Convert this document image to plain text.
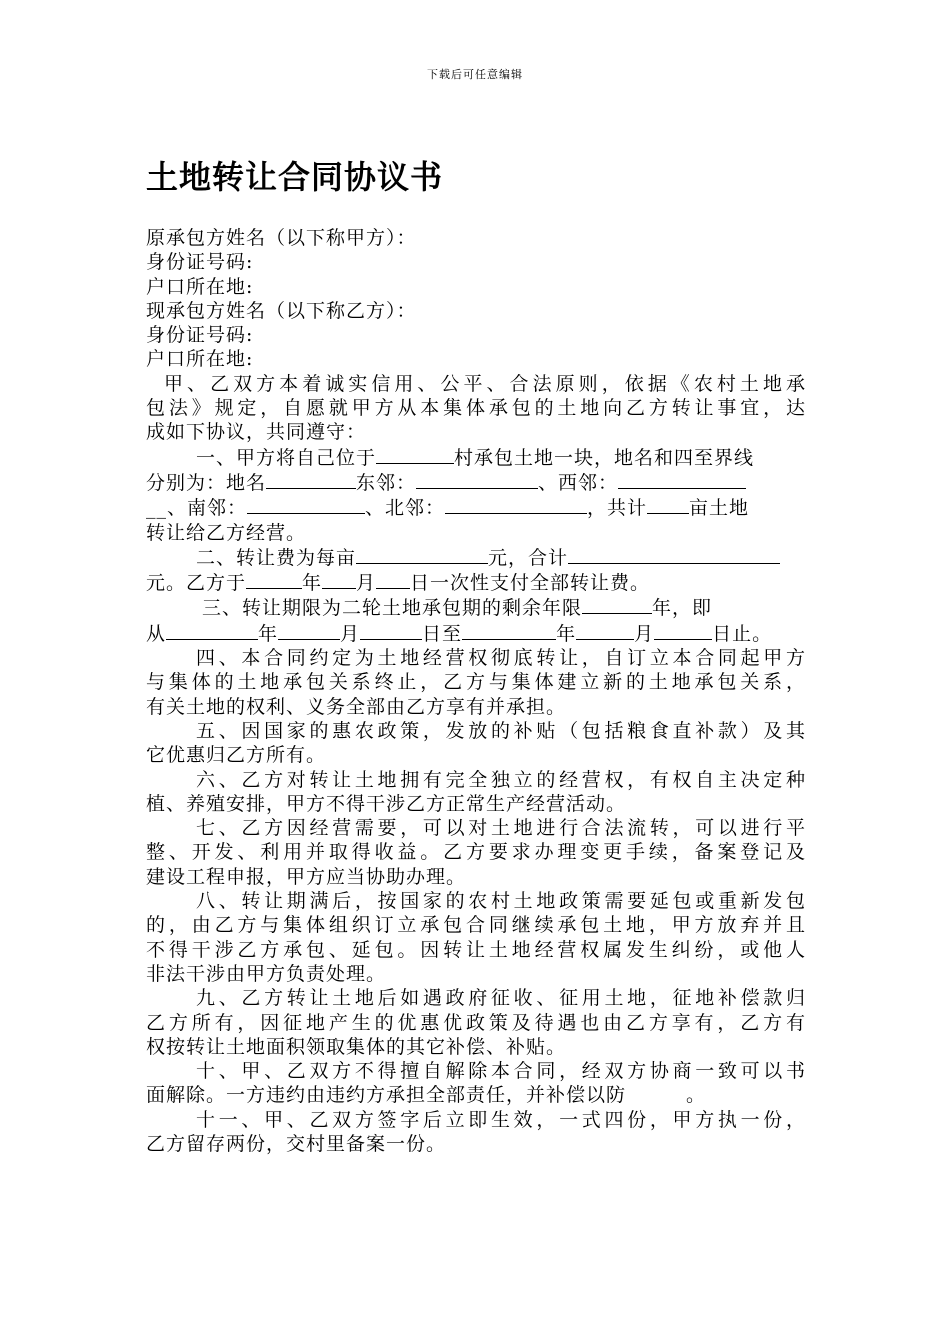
下载后可任意编辑
土地转让合同协议书
原承包方姓名（以下称甲方）：
身份证号码:
户口所在地:
现承包方姓名（以下称乙方）：
身份证号码:
户口所在地:
甲、乙双方本着诚实信用、公平、合法原则，依据《农村土地承
包法》规定，自愿就甲方从本集体承包的土地向乙方转让事宜，达
成如下协议，共同遵守：
一、甲方将自己位于	村承包土地一块，地名和四至界线
分别为：地名	东邻：	、西邻：
__、南邻：	、北邻：	，共计 亩土地
转让给乙方经营。
二、转让费为每亩	元，合计
元。乙方于	年 月 日一次性支付全部转让费。
三、转让期限为二轮土地承包期的剩余年限	年，即
从	年	月	日至	年	月	日止。
四、本合同约定为土地经营权彻底转让，自订立本合同起甲方
与集体的土地承包关系终止，乙方与集体建立新的土地承包关系，
有关土地的权利、义务全部由乙方享有并承担。
五、因国家的惠农政策，发放的补贴（包括粮食直补款）及其
它优惠归乙方所有。
六、乙方对转让土地拥有完全独立的经营权，有权自主决定种
植、养殖安排，甲方不得干涉乙方正常生产经营活动。
七、乙方因经营需要，可以对土地进行合法流转，可以进行平
整、开发、利用并取得收益。乙方要求办理变更手续，备案登记及
建设工程申报，甲方应当协助办理。
八、转让期满后，按国家的农村土地政策需要延包或重新发包
的，由乙方与集体组织订立承包合同继续承包土地，甲方放弃并且
不得干涉乙方承包、延包。因转让土地经营权属发生纠纷，或他人
非法干涉由甲方负责处理。
九、乙方转让土地后如遇政府征收、征用土地，征地补偿款归
乙方所有，因征地产生的优惠优政策及待遇也由乙方享有，乙方有
权按转让土地面积领取集体的其它补偿、补贴。
十、甲、乙双方不得擅自解除本合同，经双方协商一致可以书
面解除。一方违约由违约方承担全部责任，并补偿以防　　　。
十一、甲、乙双方签字后立即生效，一式四份，甲方执一份，
乙方留存两份，交村里备案一份。
